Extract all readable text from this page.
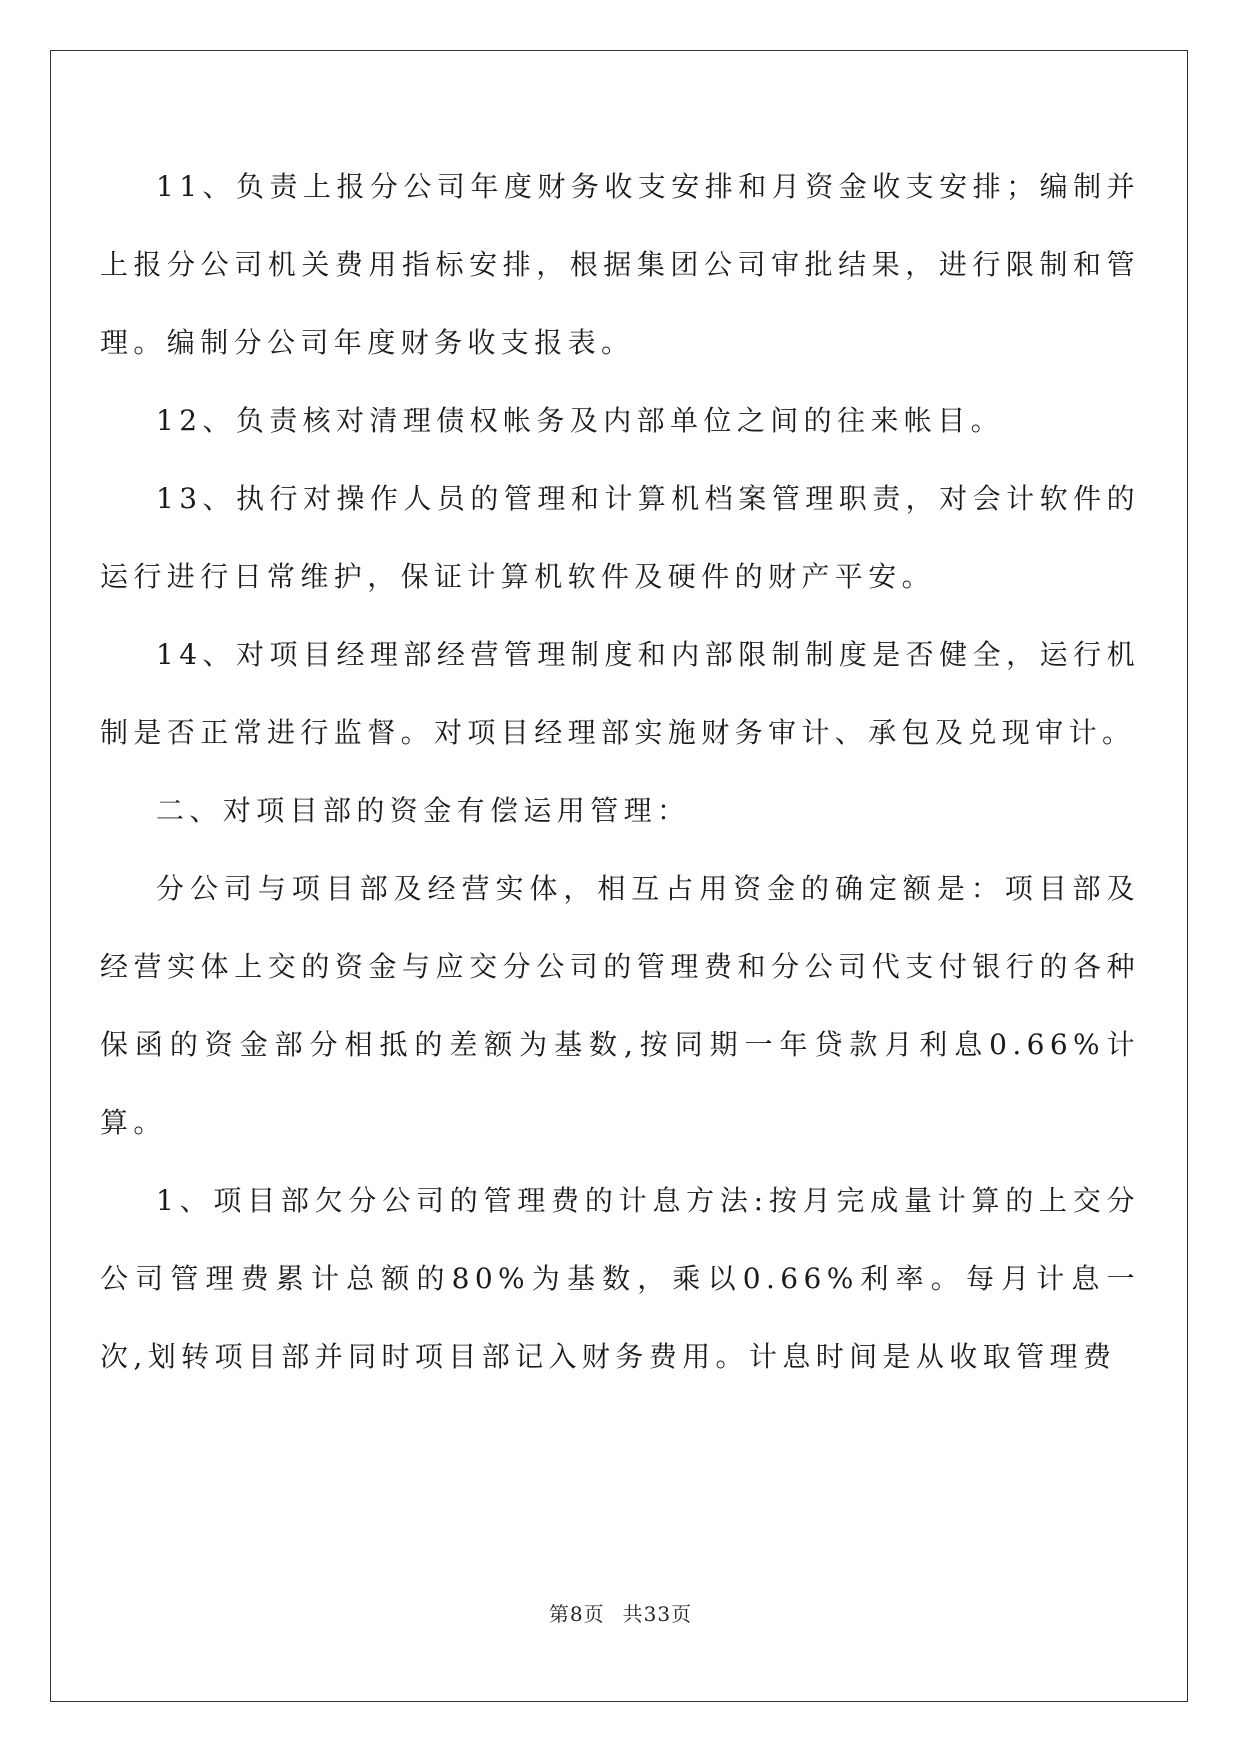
11、负责上报分公司年度财务收支安排和月资金收支安排；编制并上报分公司机关费用指标安排，根据集团公司审批结果，进行限制和管理。编制分公司年度财务收支报表。

12、负责核对清理债权帐务及内部单位之间的往来帐目。

13、执行对操作人员的管理和计算机档案管理职责，对会计软件的运行进行日常维护，保证计算机软件及硬件的财产平安。

14、对项目经理部经营管理制度和内部限制制度是否健全，运行机制是否正常进行监督。对项目经理部实施财务审计、承包及兑现审计。

二、对项目部的资金有偿运用管理：

分公司与项目部及经营实体，相互占用资金的确定额是：项目部及经营实体上交的资金与应交分公司的管理费和分公司代支付银行的各种保函的资金部分相抵的差额为基数,按同期一年贷款月利息0.66%计算。

1、项目部欠分公司的管理费的计息方法:按月完成量计算的上交分公司管理费累计总额的80%为基数，乘以0.66%利率。每月计息一次,划转项目部并同时项目部记入财务费用。计息时间是从收取管理费

第8页 共33页
